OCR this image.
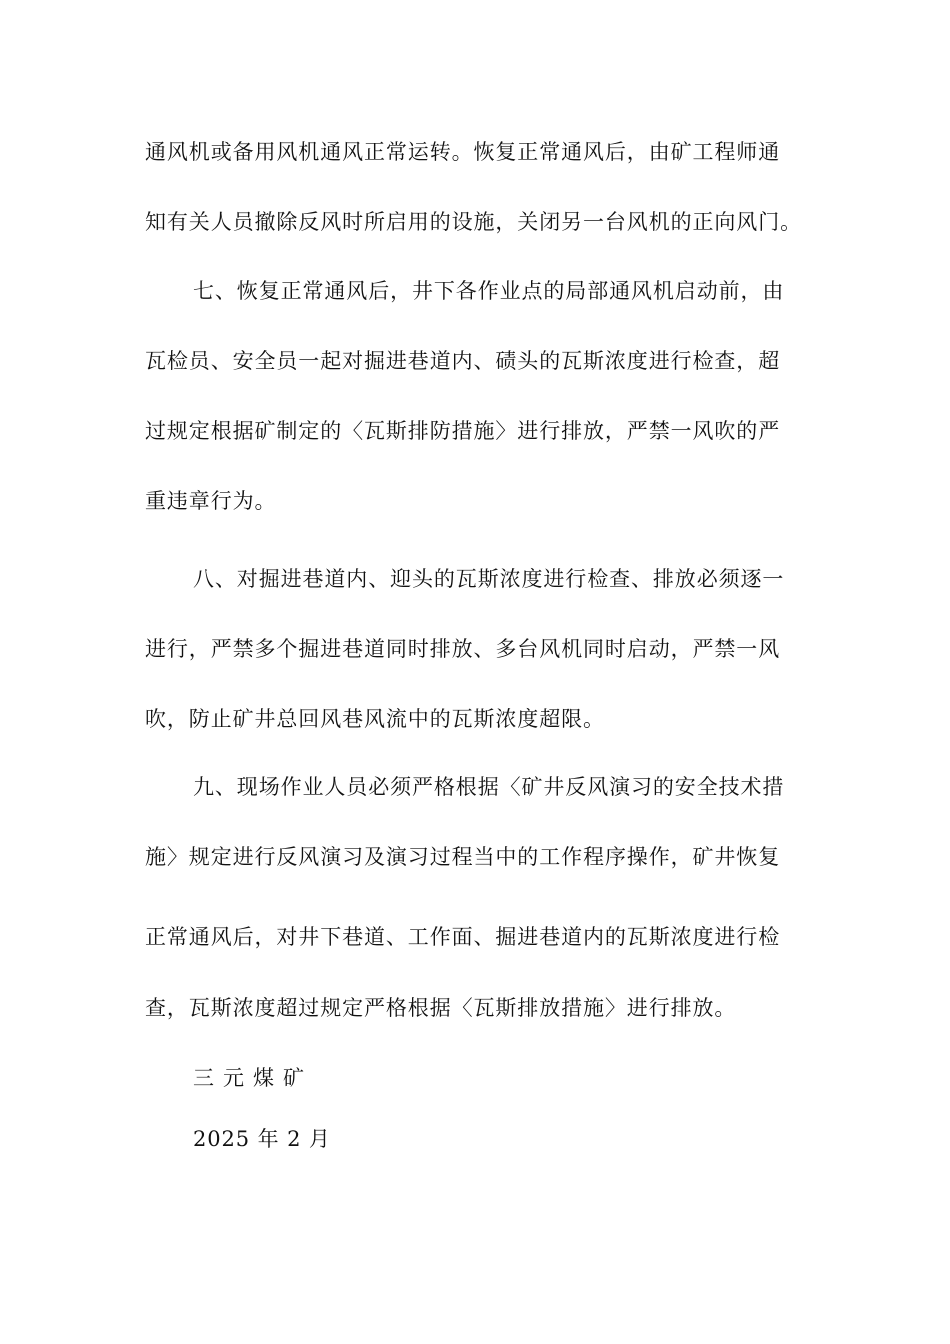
通风机或备用风机通风正常运转。恢复正常通风后，由矿工程师通
知有关人员撤除反风时所启用的设施，关闭另一台风机的正向风门。
七、恢复正常通风后，井下各作业点的局部通风机启动前，由
瓦检员、安全员一起对掘进巷道内、碛头的瓦斯浓度进行检查，超
过规定根据矿制定的〈瓦斯排防措施〉进行排放，严禁一风吹的严
重违章行为。
八、对掘进巷道内、迎头的瓦斯浓度进行检查、排放必须逐一
进行，严禁多个掘进巷道同时排放、多台风机同时启动，严禁一风
吹，防止矿井总回风巷风流中的瓦斯浓度超限。
九、现场作业人员必须严格根据〈矿井反风演习的安全技术措
施〉规定进行反风演习及演习过程当中的工作程序操作，矿井恢复
正常通风后，对井下巷道、工作面、掘进巷道内的瓦斯浓度进行检
查，瓦斯浓度超过规定严格根据〈瓦斯排放措施〉进行排放。
三元煤矿
2025 年 2 月
